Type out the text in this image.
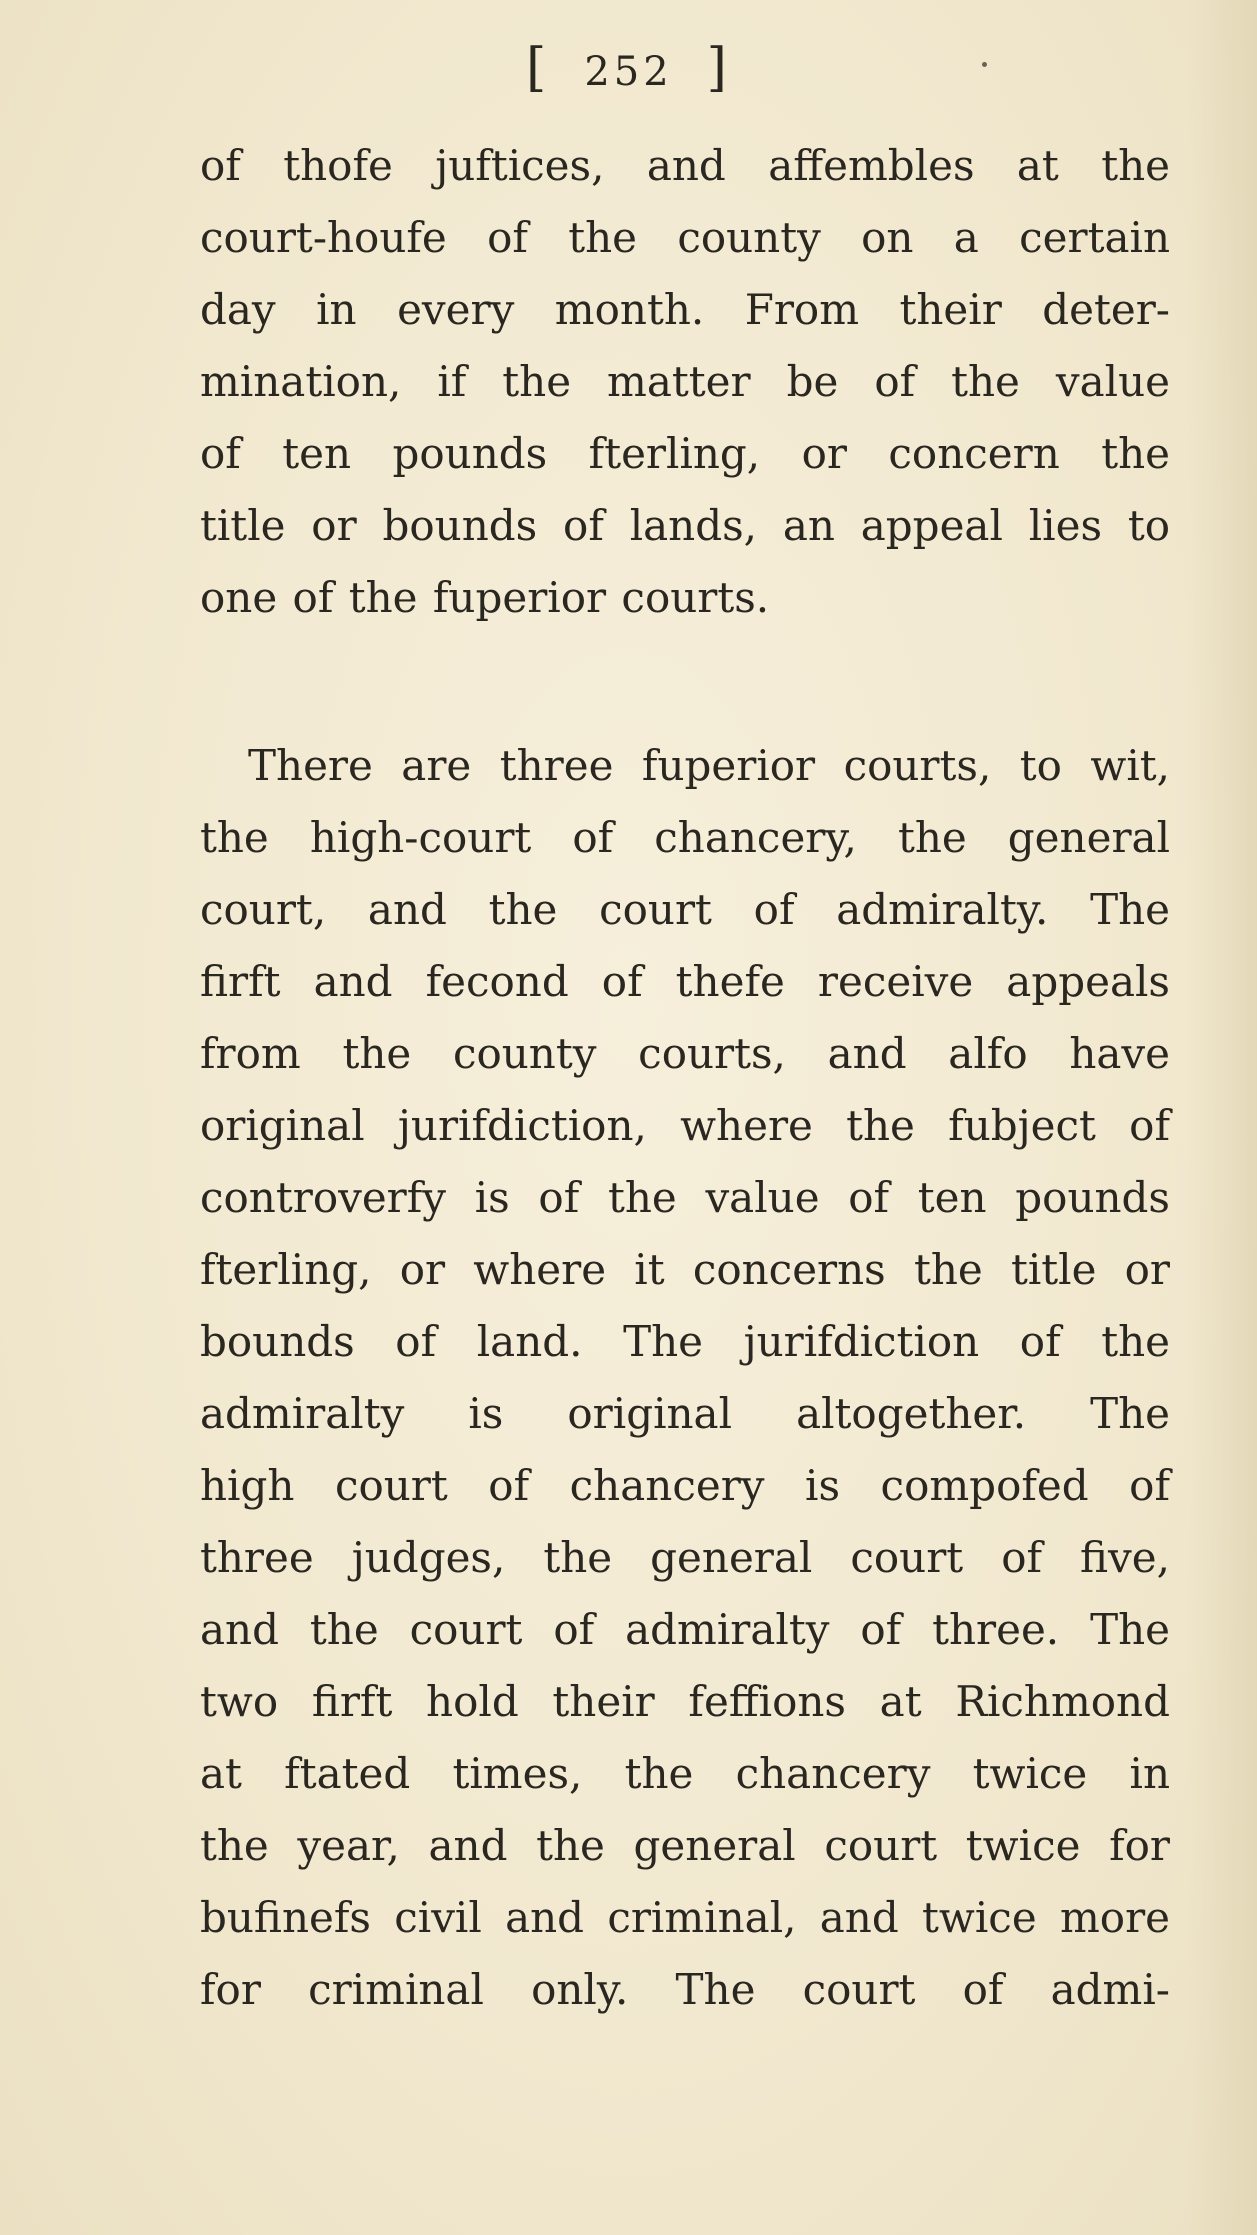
[ 252 ]
of thofe juftices, and affembles at the
court-houfe of the county on a certain
day in every month. From their deter-
mination, if the matter be of the value
of ten pounds fterling, or concern the
title or bounds of lands, an appeal lies to
one of the fuperior courts.
There are three fuperior courts, to wit,
the high-court of chancery, the general
court, and the court of admiralty. The
firft and fecond of thefe receive appeals
from the county courts, and alfo have
original jurifdiction, where the fubject of
controverfy is of the value of ten pounds
fterling, or where it concerns the title or
bounds of land. The jurifdiction of the
admiralty is original altogether. The
high court of chancery is compofed of
three judges, the general court of five,
and the court of admiralty of three. The
two firft hold their feffions at Richmond
at ftated times, the chancery twice in
the year, and the general court twice for
bufinefs civil and criminal, and twice more
for criminal only. The court of admi-
